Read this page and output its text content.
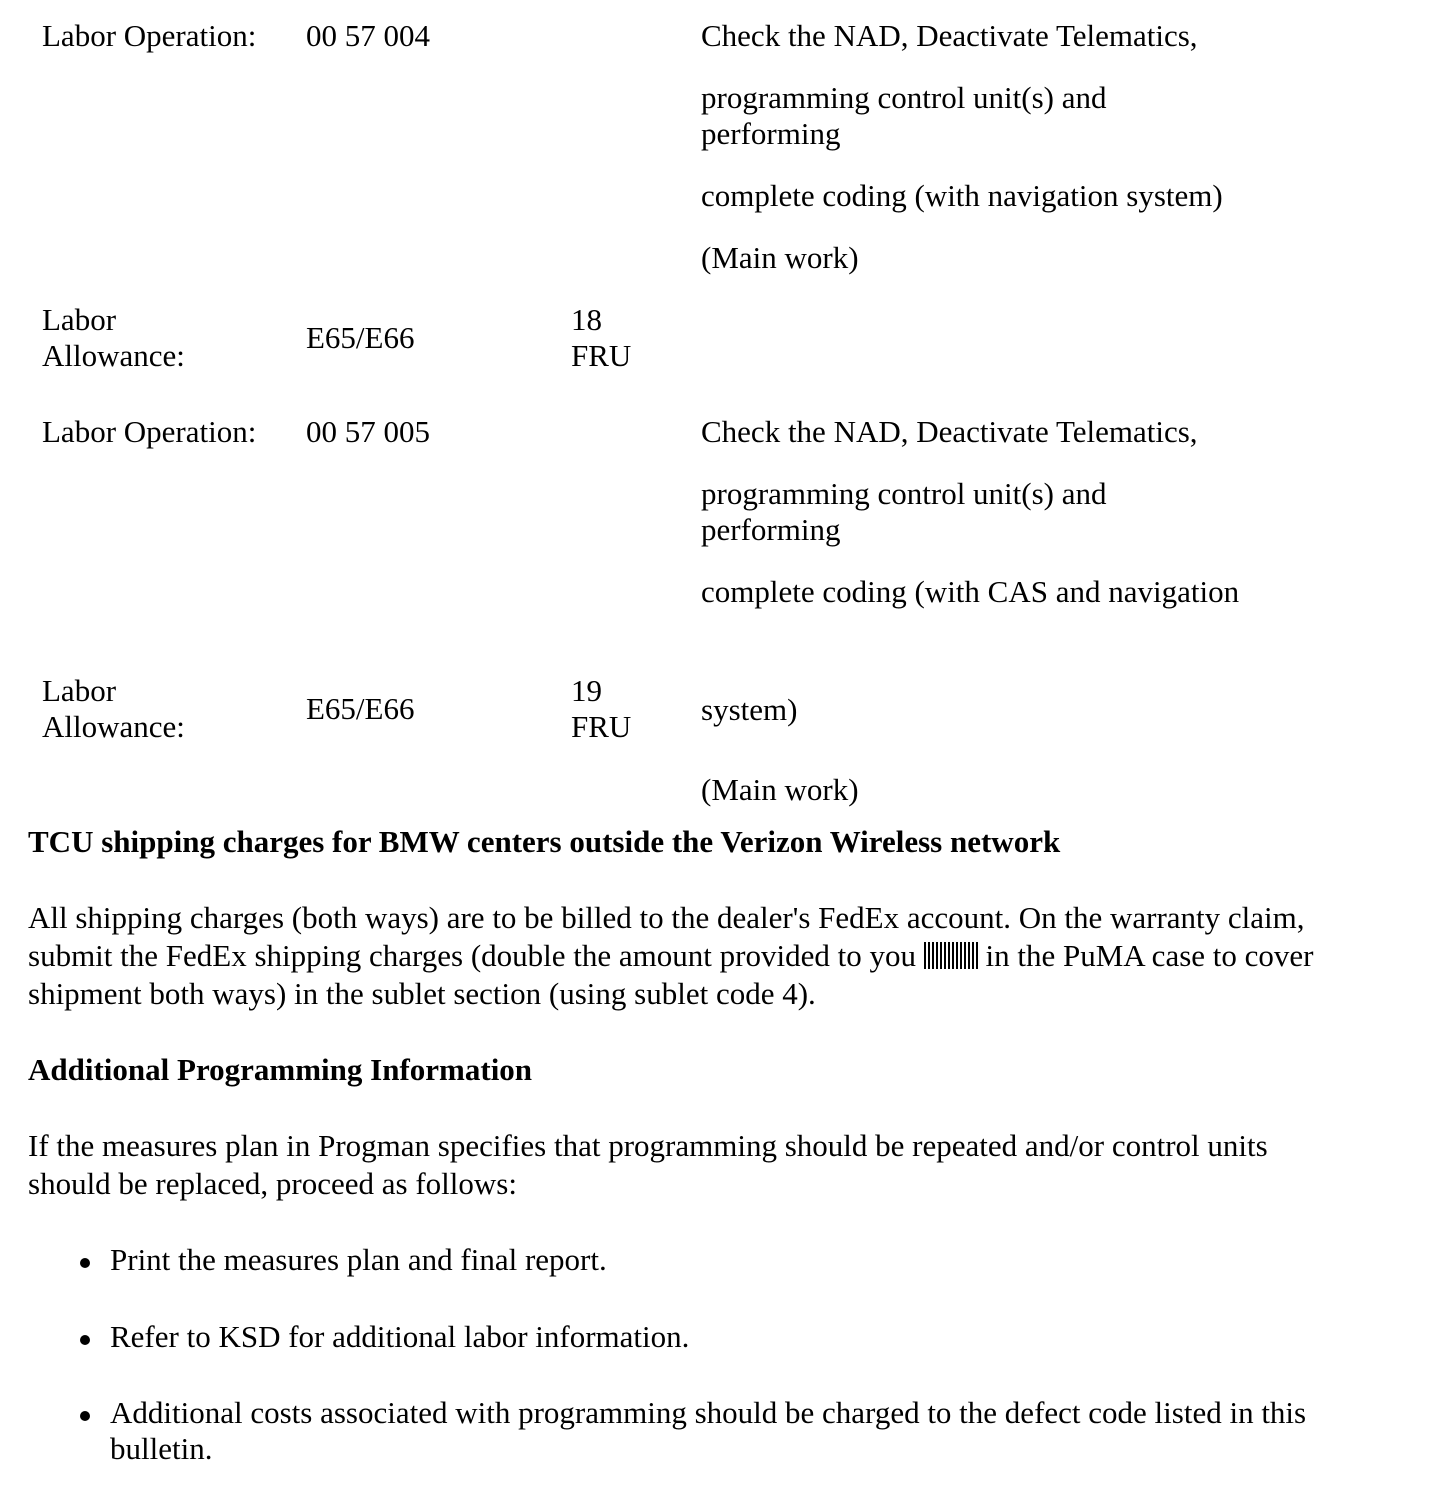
Labor Operation: 00 57 004	Check the NAD, Deactivate Telematics,
programming control unit(s) and
performing
complete coding (with navigation system)
(Main work)
Labor
Allowance:
E65/E66
18
FRU
Labor Operation: 00 57 005	Check the NAD, Deactivate Telematics,
programming control unit(s) and
performing
complete coding (with CAS and navigation
Labor
Allowance:
E65/E66
19
FRU system)
(Main work)
TCU shipping charges for BMW centers outside the Verizon Wireless network
All shipping charges (both ways) are to be billed to the dealer's FedEx account. On the warranty claim,
submit the FedEx shipping charges (double the amount provided to you in the PuMA case to cover
shipment both ways) in the sublet section (using sublet code 4).
Additional Programming Information
If the measures plan in Progman specifies that programming should be repeated and/or control units
should be replaced, proceed as follows:
Print the measures plan and final report.
Refer to KSD for additional labor information.
Additional costs associated with programming should be charged to the defect code listed in this
bulletin.
